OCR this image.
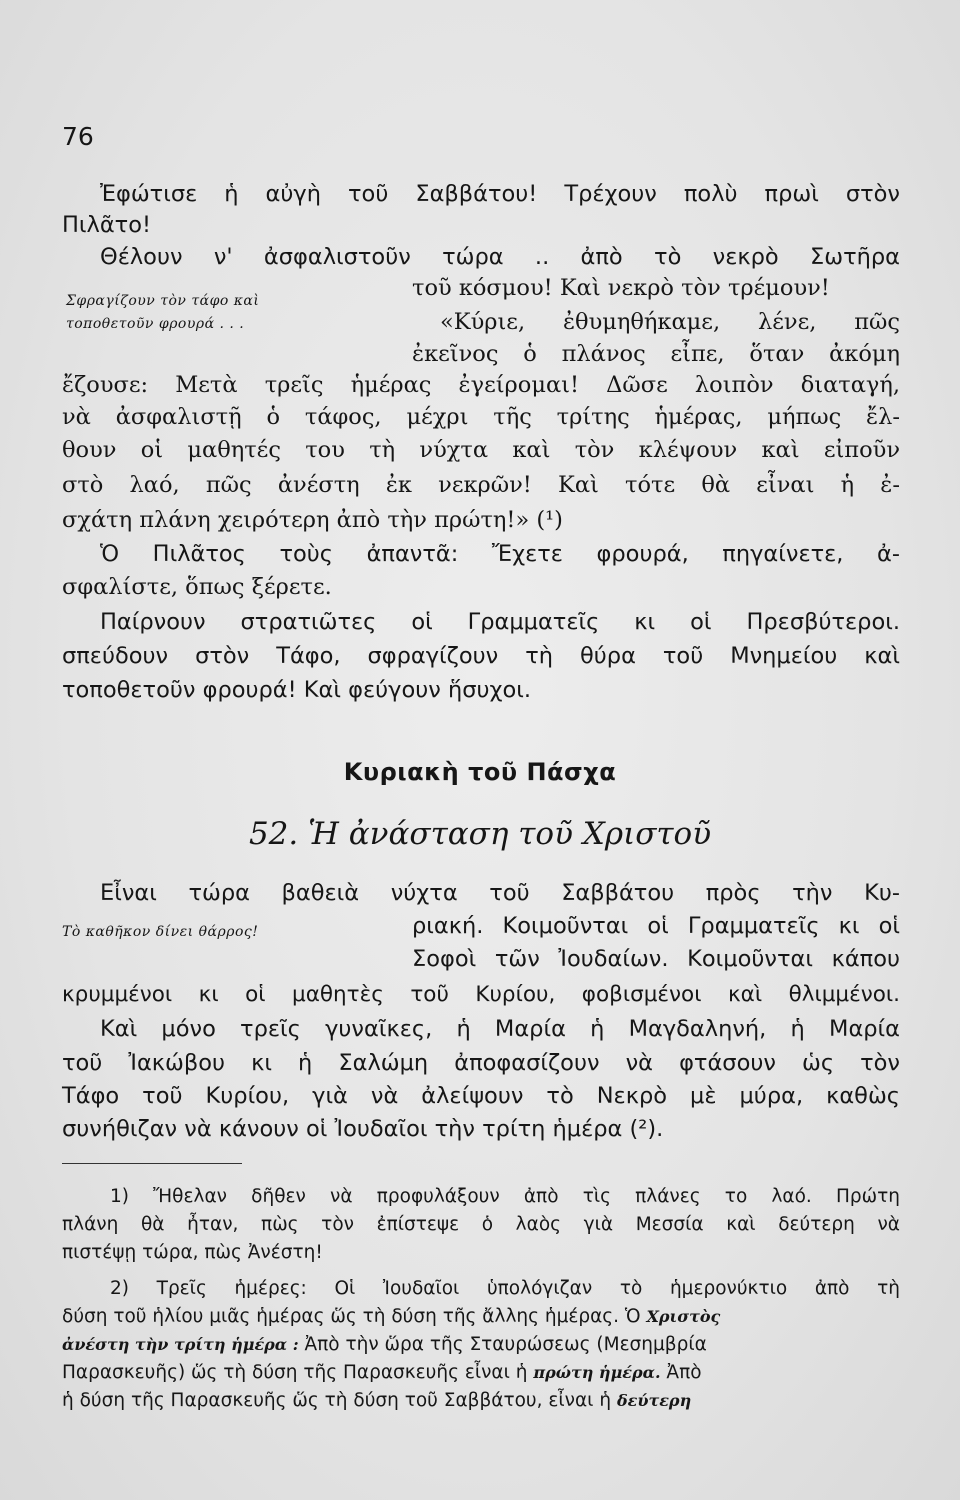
76
Ἐφώτισε ἡ αὐγὴ τοῦ Σαββάτου! Τρέχουν πολὺ πρωὶ στὸν
Πιλᾶτο!
Θέλουν ν' ἀσφαλιστοῦν τώρα .. ἀπὸ τὸ νεκρὸ Σωτῆρα
τοῦ κόσμου! Καὶ νεκρὸ τὸν τρέμουν!
Σφραγίζουν τὸν τάφο καὶ
τοποθετοῦν φρουρά . . .	«Κύριε, ἐθυμηθήκαμε, λένε, πῶς
ἐκεῖνος ὁ πλάνος εἶπε, ὅταν ἀκόμη
ἔζουσε: Μετὰ τρεῖς ἡμέρας ἐγείρομαι! Δῶσε λοιπὸν διαταγή,
νὰ ἀσφαλιστῇ ὁ τάφος, μέχρι τῆς τρίτης ἡμέρας, μήπως ἔλ-
θουν οἱ μαθητές του τὴ νύχτα καὶ τὸν κλέψουν καὶ εἰποῦν
στὸ λαό, πῶς ἀνέστη ἐκ νεκρῶν! Καὶ τότε θὰ εἶναι ἡ ἐ-
σχάτη πλάνη χειρότερη ἀπὸ τὴν πρώτη!» (¹)
Ὁ Πιλᾶτος τοὺς ἀπαντᾶ: Ἔχετε φρουρά, πηγαίνετε, ἀ-
σφαλίστε, ὅπως ξέρετε.
Παίρνουν στρατιῶτες οἱ Γραμματεῖς κι οἱ Πρεσβύτεροι.
σπεύδουν στὸν Τάφο, σφραγίζουν τὴ θύρα τοῦ Μνημείου καὶ
τοποθετοῦν φρουρά! Καὶ φεύγουν ἥσυχοι.
Κυριακὴ τοῦ Πάσχα
52. Ἡ ἀνάσταση τοῦ Χριστοῦ
Εἶναι τώρα βαθειὰ νύχτα τοῦ Σαββάτου πρὸς τὴν Κυ-
Τὸ καθῆκον δίνει θάρρος!	ριακή. Κοιμοῦνται οἱ Γραμματεῖς κι οἱ
Σοφοὶ τῶν Ἰουδαίων. Κοιμοῦνται κάπου
κρυμμένοι κι οἱ μαθητὲς τοῦ Κυρίου, φοβισμένοι καὶ θλιμμένοι.
Καὶ μόνο τρεῖς γυναῖκες, ἡ Μαρία ἡ Μαγδαληνή, ἡ Μαρία
τοῦ Ἰακώβου κι ἡ Σαλώμη ἀποφασίζουν νὰ φτάσουν ὡς τὸν
Τάφο τοῦ Κυρίου, γιὰ νὰ ἀλείψουν τὸ Νεκρὸ μὲ μύρα, καθὼς
συνήθιζαν νὰ κάνουν οἱ Ἰουδαῖοι τὴν τρίτη ἡμέρα (²).
1) Ἤθελαν δῆθεν νὰ προφυλάξουν ἀπὸ τὶς πλάνες το λαό. Πρώτη
πλάνη θὰ ἦταν, πὼς τὸν ἐπίστεψε ὁ λαὸς γιὰ Μεσσία καὶ δεύτερη νὰ
πιστέψῃ τώρα, πὼς Ἀνέστη!
2) Τρεῖς ἡμέρες: Οἱ Ἰουδαῖοι ὑπολόγιζαν τὸ ἡμερονύκτιο ἀπὸ τὴ
δύση τοῦ ἡλίου μιᾶς ἡμέρας ὥς τὴ δύση τῆς ἄλλης ἡμέρας. Ὁ Χριστὸς
ἀνέστη τὴν τρίτη ἡμέρα : Ἀπὸ τὴν ὥρα τῆς Σταυρώσεως (Μεσημβρία
Παρασκευῆς) ὥς τὴ δύση τῆς Παρασκευῆς εἶναι ἡ πρώτη ἡμέρα. Ἀπὸ
ἡ δύση τῆς Παρασκευῆς ὥς τὴ δύση τοῦ Σαββάτου, εἶναι ἡ δεύτερη
